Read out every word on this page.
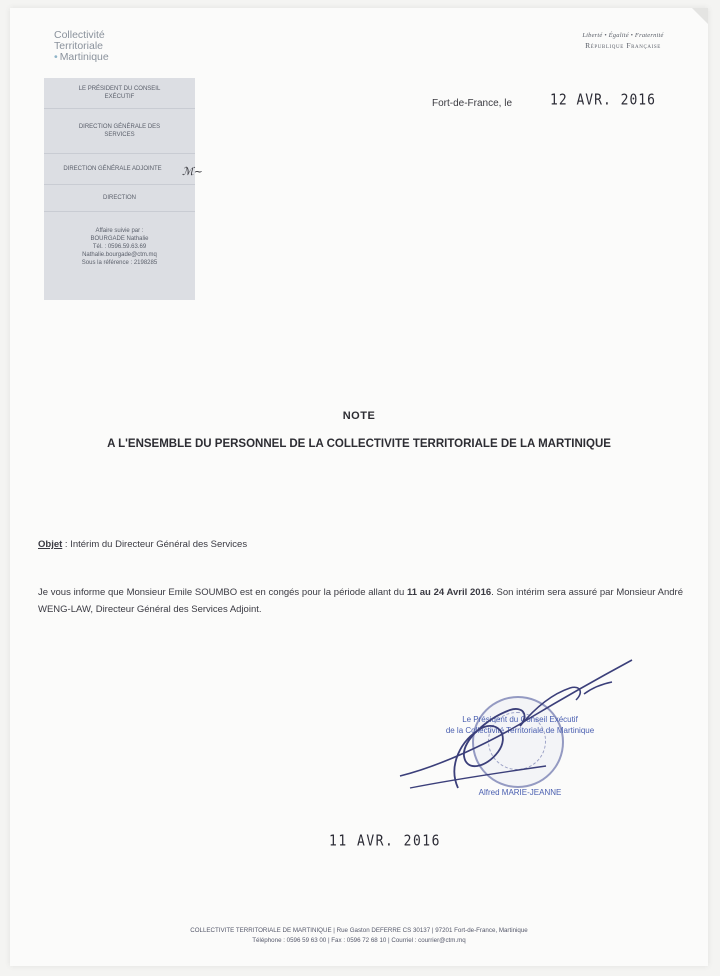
Collectivité
Territoriale
• Martinique
Liberté • Égalité • Fraternité
République Française
LE PRÉSIDENT DU CONSEIL EXÉCUTIF
DIRECTION GÉNÉRALE DES SERVICES
DIRECTION GÉNÉRALE ADJOINTE	ℳ~
DIRECTION
Affaire suivie par :
BOURGADE Nathalie
Tél. : 0596.59.63.69
Nathalie.bourgade@ctm.mq
Sous la référence : 2198285
Fort-de-France, le	12 AVR. 2016
NOTE
A L'ENSEMBLE DU PERSONNEL DE LA COLLECTIVITE TERRITORIALE DE LA MARTINIQUE
Objet : Intérim du Directeur Général des Services
Je vous informe que Monsieur Emile SOUMBO est en congés pour la période allant du 11 au 24 Avril 2016. Son intérim sera assuré par Monsieur André WENG-LAW, Directeur Général des Services Adjoint.
Le Président du Conseil Exécutif
de la Collectivité Territoriale de Martinique
Alfred MARIE-JEANNE
11 AVR. 2016
COLLECTIVITE TERRITORIALE DE MARTINIQUE | Rue Gaston DEFERRE CS 30137 | 97201 Fort-de-France, Martinique
Téléphone : 0596 59 63 00 | Fax : 0596 72 68 10 | Courriel : courrier@ctm.mq
